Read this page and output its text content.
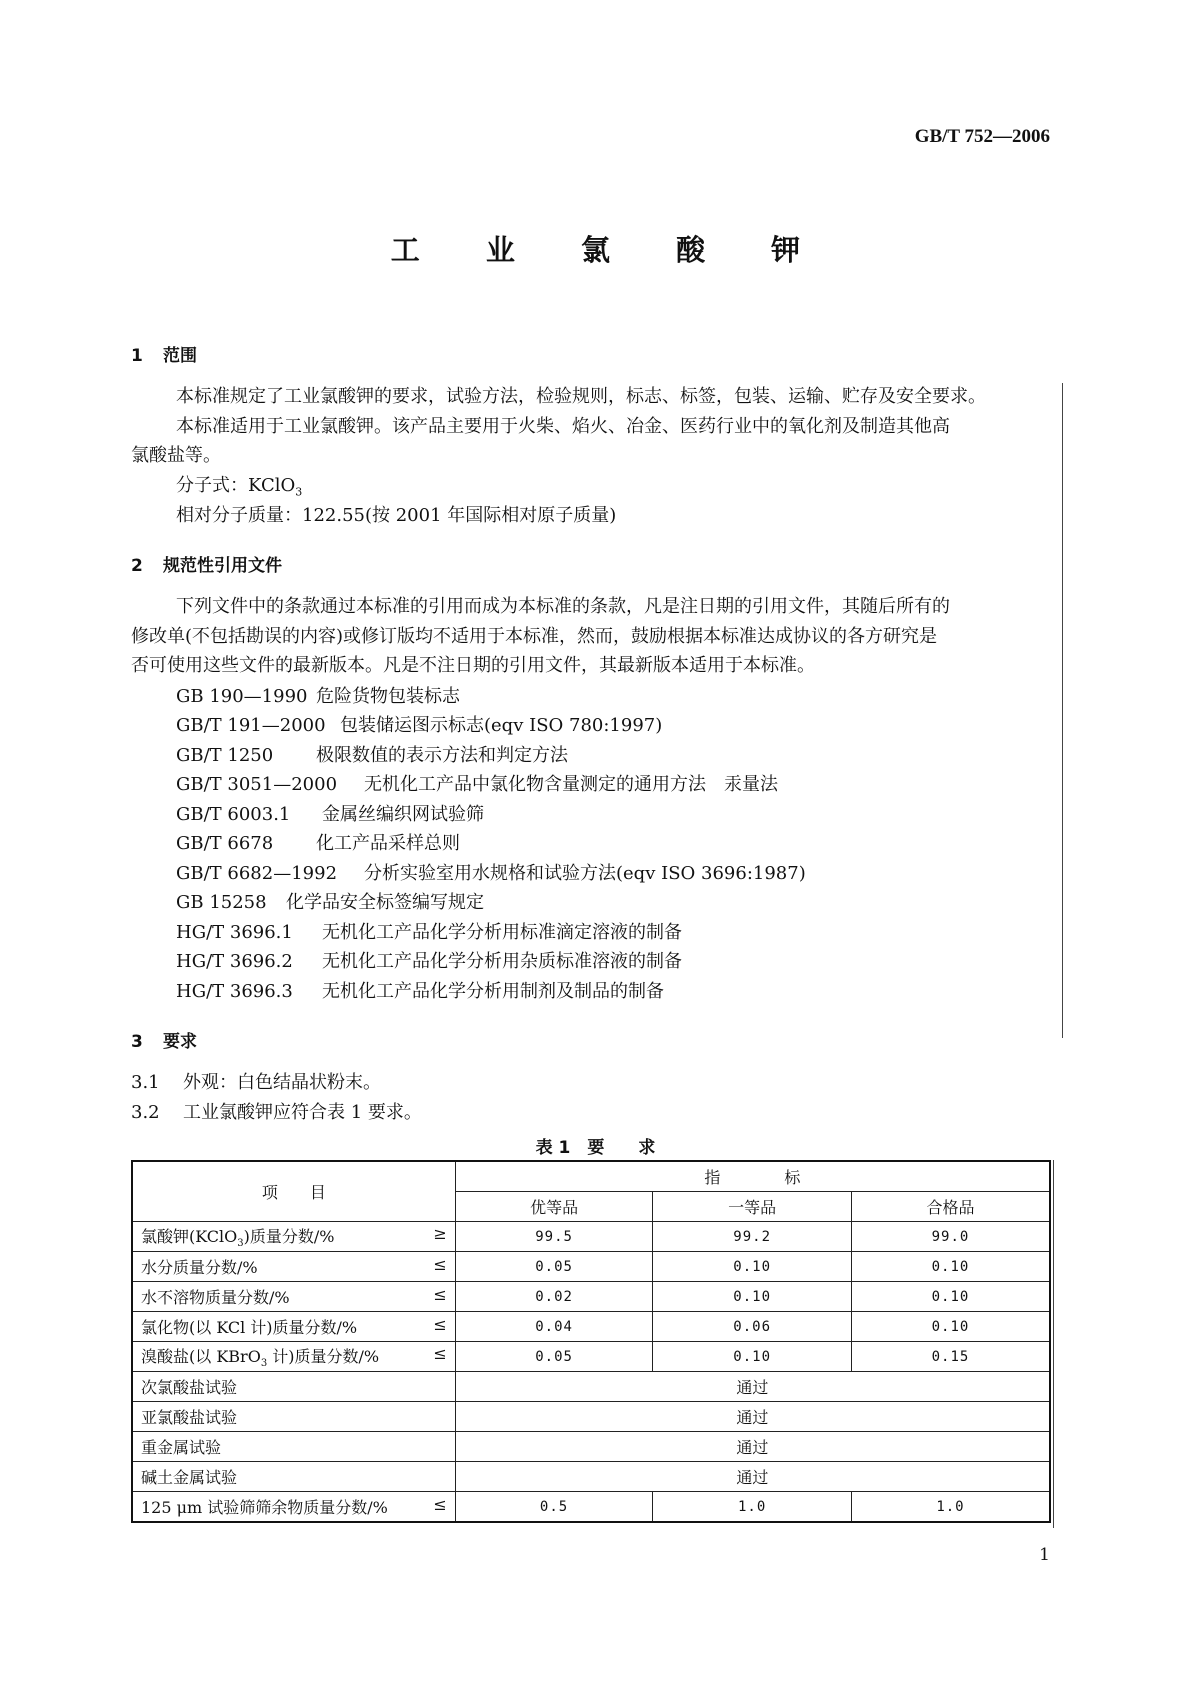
GB/T 752—2006
工 业 氯 酸 钾
1 范围
本标准规定了工业氯酸钾的要求，试验方法，检验规则，标志、标签，包装、运输、贮存及安全要求。
本标准适用于工业氯酸钾。该产品主要用于火柴、焰火、冶金、医药行业中的氧化剂及制造其他高
氯酸盐等。
分子式：KClO$_3$
相对分子质量：122.55(按 2001 年国际相对原子质量)
2 规范性引用文件
下列文件中的条款通过本标准的引用而成为本标准的条款，凡是注日期的引用文件，其随后所有的
修改单(不包括勘误的内容)或修订版均不适用于本标准，然而，鼓励根据本标准达成协议的各方研究是
否可使用这些文件的最新版本。凡是不注日期的引用文件，其最新版本适用于本标准。
GB 190—1990 危险货物包装标志
GB/T 191—2000 包装储运图示标志(eqv ISO 780:1997)
GB/T 1250 极限数值的表示方法和判定方法
GB/T 3051—2000 无机化工产品中氯化物含量测定的通用方法　汞量法
GB/T 6003.1 金属丝编织网试验筛
GB/T 6678 化工产品采样总则
GB/T 6682—1992 分析实验室用水规格和试验方法(eqv ISO 3696:1987)
GB 15258 化学品安全标签编写规定
HG/T 3696.1 无机化工产品化学分析用标准滴定溶液的制备
HG/T 3696.2 无机化工产品化学分析用杂质标准溶液的制备
HG/T 3696.3 无机化工产品化学分析用制剂及制品的制备
3 要求
3.1 外观：白色结晶状粉末。
3.2 工业氯酸钾应符合表 1 要求。
表 1　要　　求
项　　目	指　　　　标		
	优等品	一等品	合格品

氯酸钾(KClO$_3$)质量分数/% ≥	99.5	99.2	99.0

水分质量分数/% ≤	0.05	0.10	0.10

水不溶物质量分数/% ≤	0.02	0.10	0.10

氯化物(以 KCl 计)质量分数/% ≤	0.04	0.06	0.10

溴酸盐(以 KBrO$_3$ 计)质量分数/% ≤	0.05	0.10	0.15
次氯酸盐试验	通过		
亚氯酸盐试验	通过		
重金属试验	通过		
碱土金属试验	通过		

125 μm 试验筛筛余物质量分数/% ≤	0.5	1.0	1.0
1
